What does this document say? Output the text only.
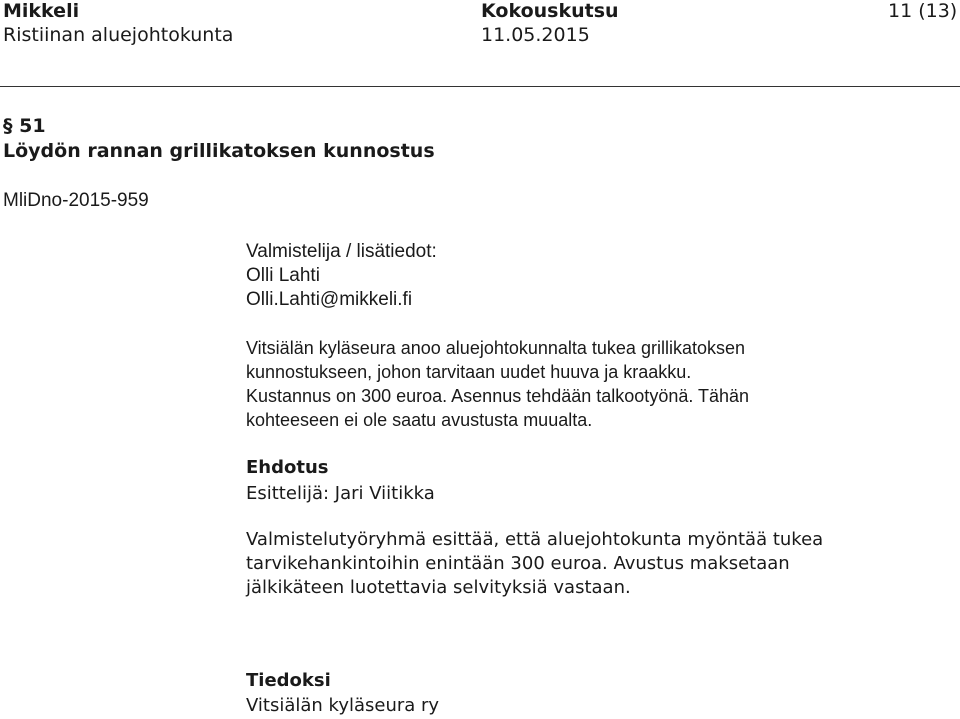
Mikkeli	Kokouskutsu	11 (13)
Ristiinan aluejohtokunta	11.05.2015
§ 51
Löydön rannan grillikatoksen kunnostus
MliDno-2015-959
Valmistelija / lisätiedot:
Olli Lahti
Olli.Lahti@mikkeli.fi
Vitsiälän kyläseura anoo aluejohtokunnalta tukea grillikatoksen
kunnostukseen, johon tarvitaan uudet huuva ja kraakku.
Kustannus on 300 euroa. Asennus tehdään talkootyönä. Tähän
kohteeseen ei ole saatu avustusta muualta.
Ehdotus
Esittelijä: Jari Viitikka
Valmistelutyöryhmä esittää, että aluejohtokunta myöntää tukea
tarvikehankintoihin enintään 300 euroa. Avustus maksetaan
jälkikäteen luotettavia selvityksiä vastaan.
Tiedoksi
Vitsiälän kyläseura ry
